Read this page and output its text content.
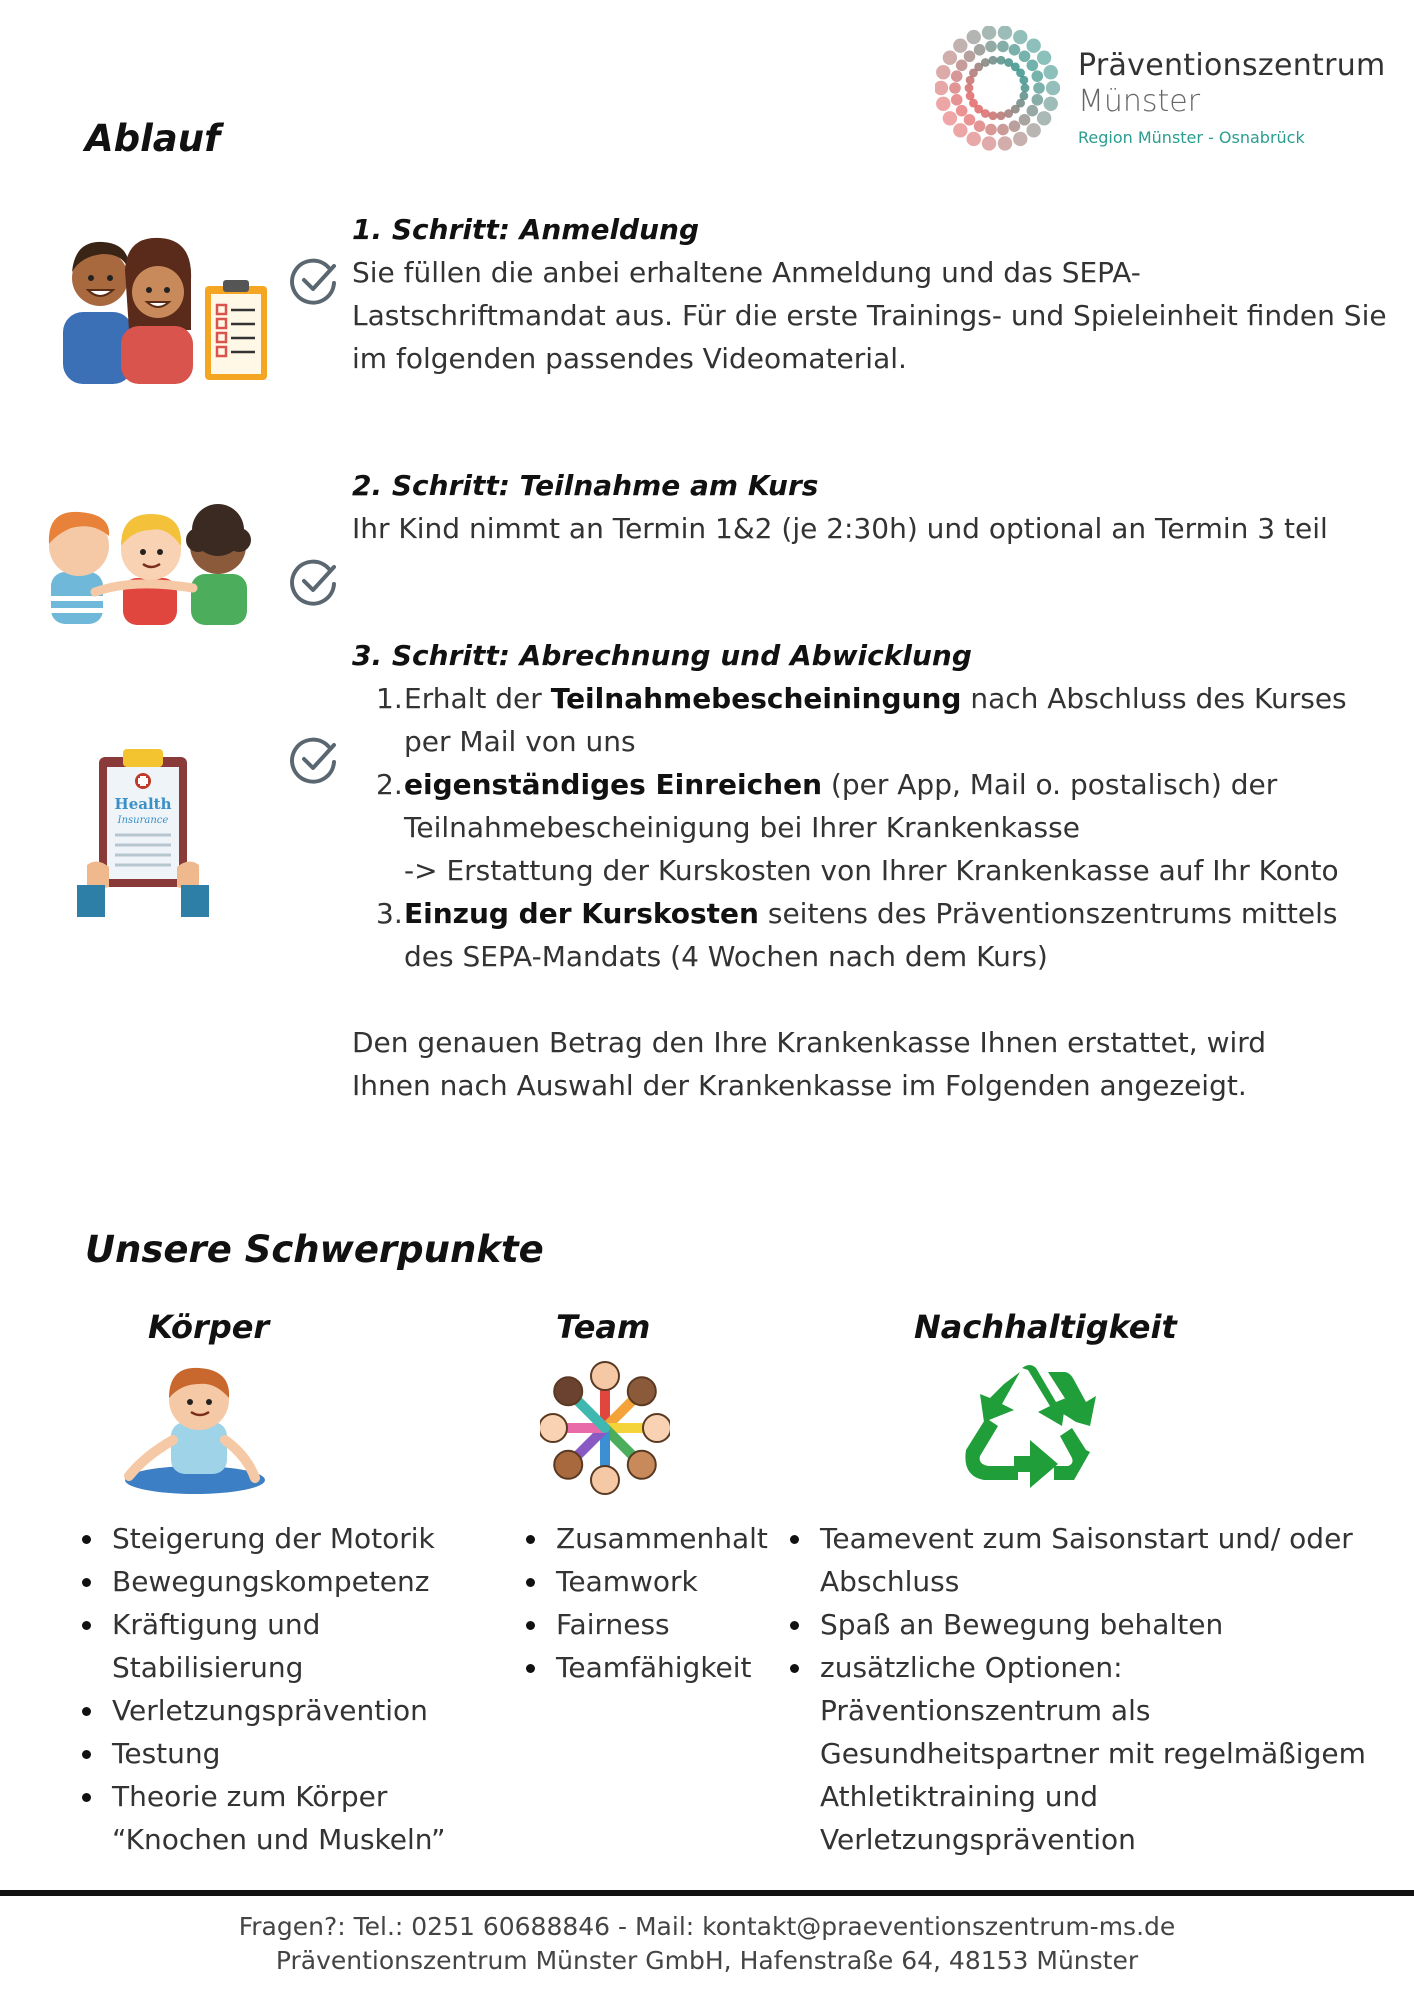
Präventionszentrum
Münster
Region Münster - Osnabrück
Ablauf
1. Schritt: Anmeldung
Sie füllen die anbei erhaltene Anmeldung und das SEPA-Lastschriftmandat aus. Für die erste Trainings- und Spieleinheit finden Sie im folgenden passendes Videomaterial.
2. Schritt: Teilnahme am Kurs
Ihr Kind nimmt an Termin 1&2 (je 2:30h) und optional an Termin 3 teil
Health
Insurance
3. Schritt: Abrechnung und Abwicklung
1. Erhalt der Teilnahmebescheiningung nach Abschluss des Kurses per Mail von uns
2. eigenständiges Einreichen (per App, Mail o. postalisch) der Teilnahmebescheinigung bei Ihrer Krankenkasse
-> Erstattung der Kurskosten von Ihrer Krankenkasse auf Ihr Konto
3. Einzug der Kurskosten seitens des Präventionszentrums mittels des SEPA-Mandats (4 Wochen nach dem Kurs)
Den genauen Betrag den Ihre Krankenkasse Ihnen erstattet, wird Ihnen nach Auswahl der Krankenkasse im Folgenden angezeigt.
Unsere Schwerpunkte
Körper	Team	Nachhaltigkeit
Steigerung der Motorik
Bewegungskompetenz
Kräftigung und Stabilisierung
Verletzungsprävention
Testung
Theorie zum Körper “Knochen und Muskeln”
Zusammenhalt
Teamwork
Fairness
Teamfähigkeit
Teamevent zum Saisonstart und/ oder Abschluss
Spaß an Bewegung behalten
zusätzliche Optionen: Präventionszentrum als Gesundheitspartner mit regelmäßigem Athletiktraining und Verletzungsprävention
Fragen?: Tel.: 0251 60688846 - Mail: kontakt@praeventionszentrum-ms.de
Präventionszentrum Münster GmbH, Hafenstraße 64, 48153 Münster
